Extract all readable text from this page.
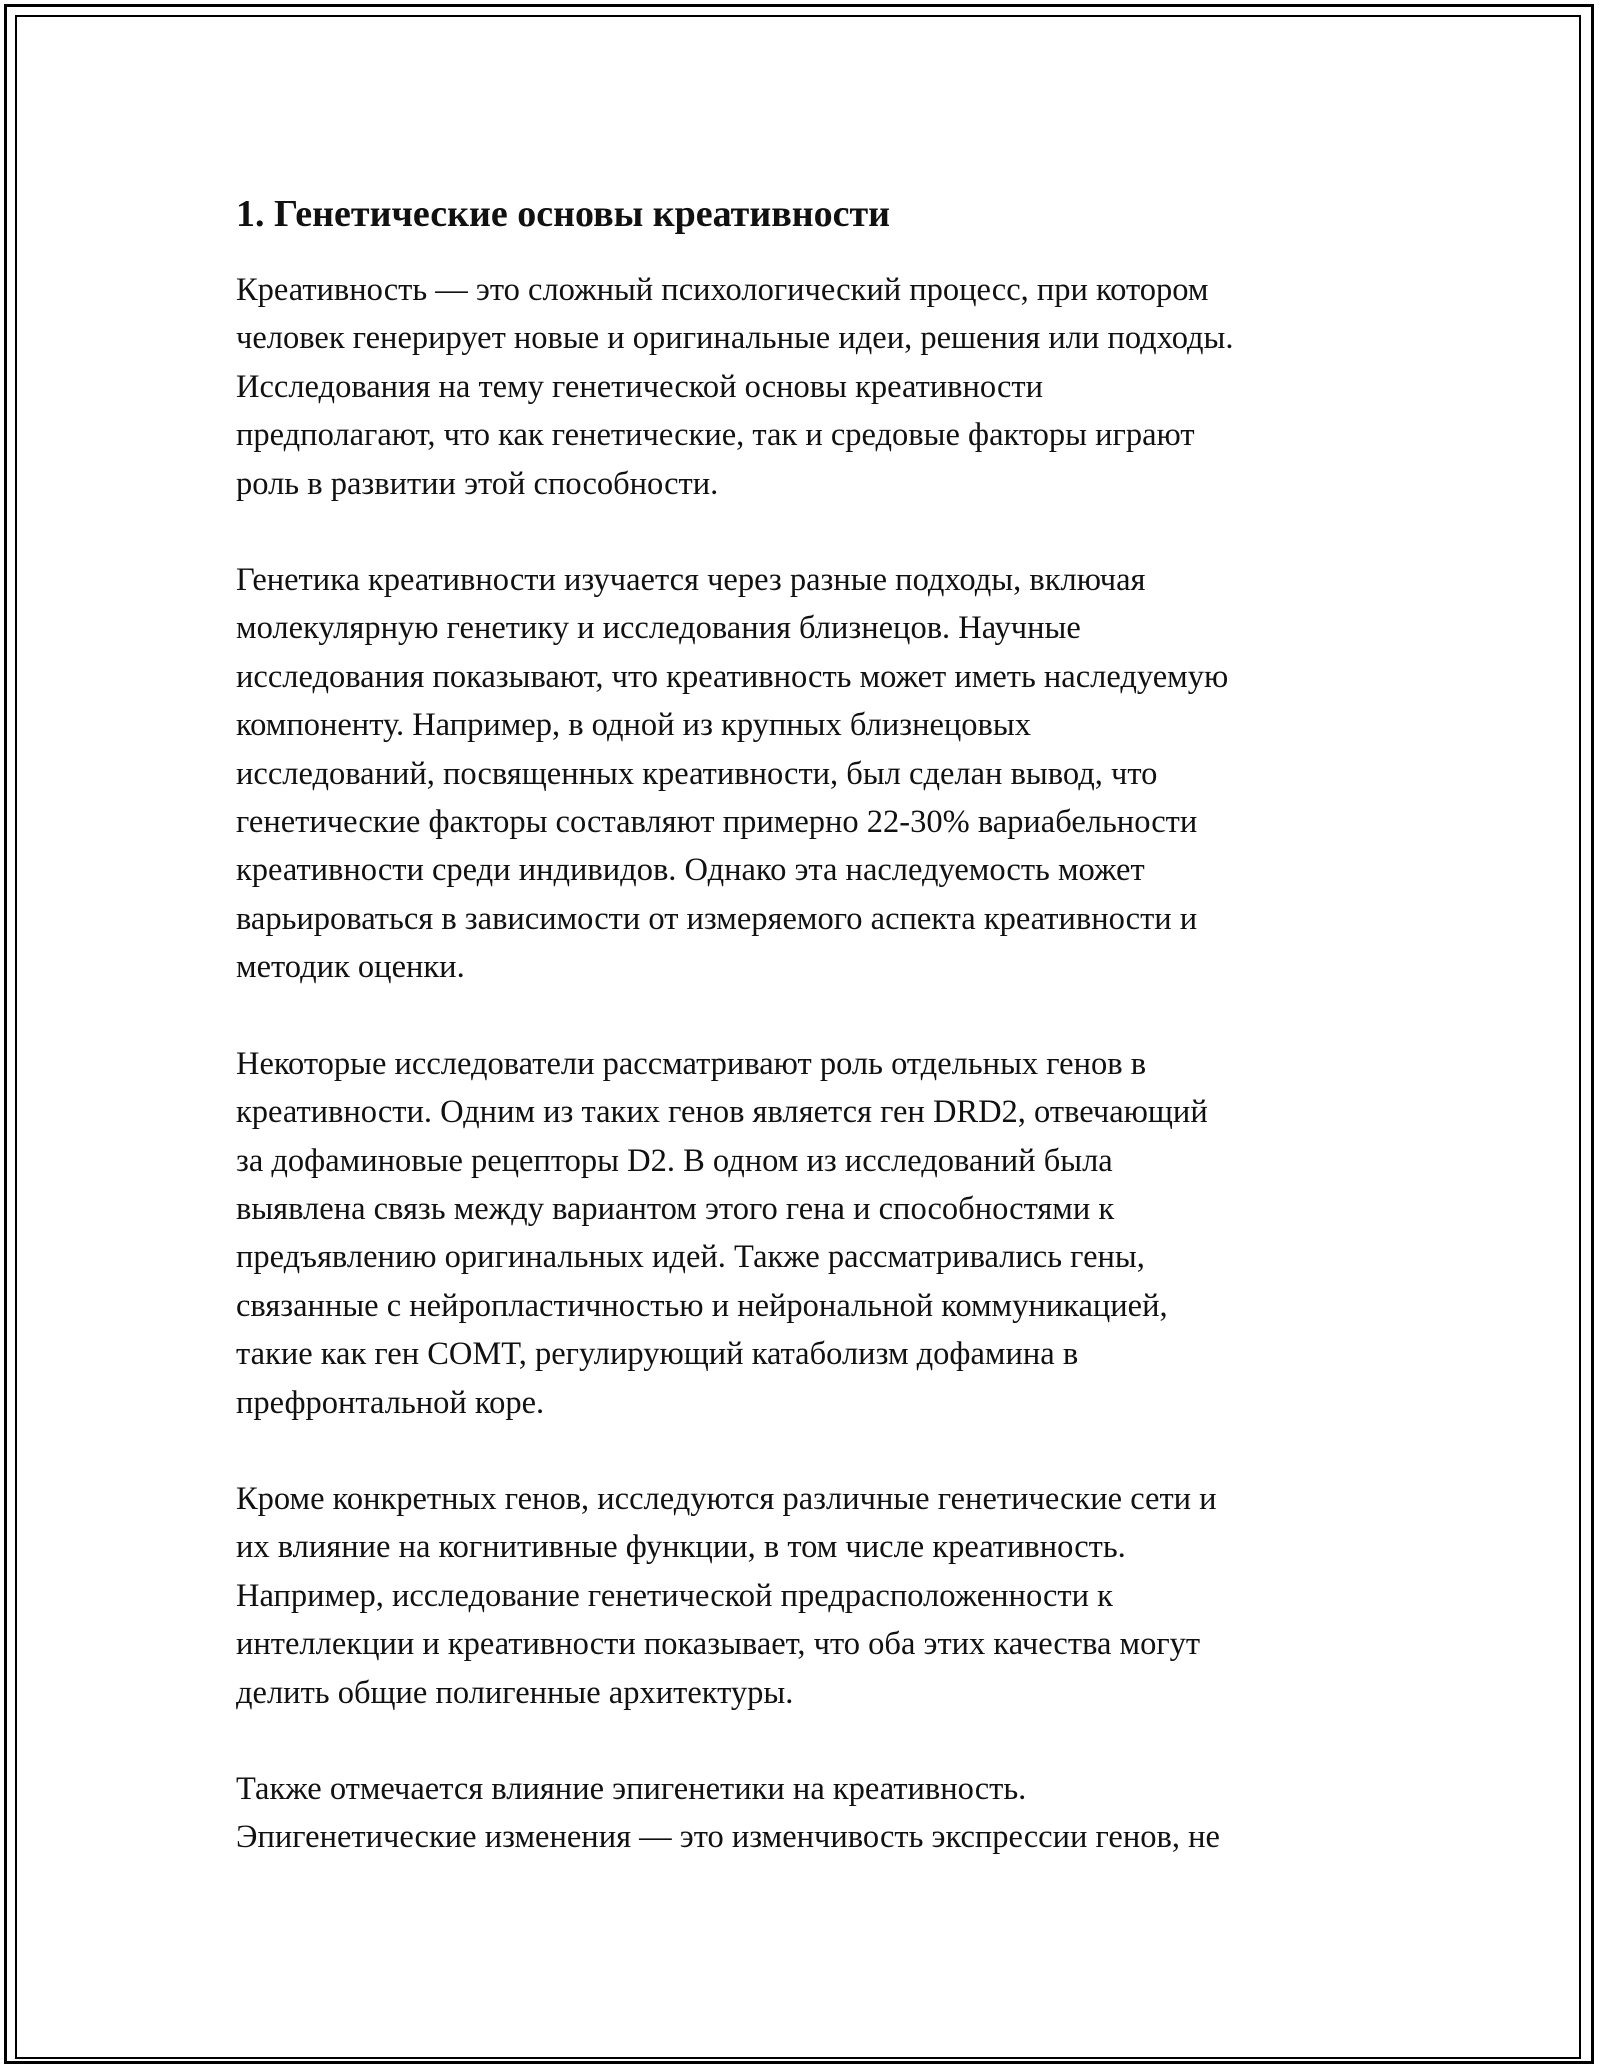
1. Генетические основы креативности

Креативность — это сложный психологический процесс, при котором
человек генерирует новые и оригинальные идеи, решения или подходы.
Исследования на тему генетической основы креативности
предполагают, что как генетические, так и средовые факторы играют
роль в развитии этой способности.

Генетика креативности изучается через разные подходы, включая
молекулярную генетику и исследования близнецов. Научные
исследования показывают, что креативность может иметь наследуемую
компоненту. Например, в одной из крупных близнецовых
исследований, посвященных креативности, был сделан вывод, что
генетические факторы составляют примерно 22-30% вариабельности
креативности среди индивидов. Однако эта наследуемость может
варьироваться в зависимости от измеряемого аспекта креативности и
методик оценки.

Некоторые исследователи рассматривают роль отдельных генов в
креативности. Одним из таких генов является ген DRD2, отвечающий
за дофаминовые рецепторы D2. В одном из исследований была
выявлена связь между вариантом этого гена и способностями к
предъявлению оригинальных идей. Также рассматривались гены,
связанные с нейропластичностью и нейрональной коммуникацией,
такие как ген COMT, регулирующий катаболизм дофамина в
префронтальной коре.

Кроме конкретных генов, исследуются различные генетические сети и
их влияние на когнитивные функции, в том числе креативность.
Например, исследование генетической предрасположенности к
интеллекции и креативности показывает, что оба этих качества могут
делить общие полигенные архитектуры.

Также отмечается влияние эпигенетики на креативность.
Эпигенетические изменения — это изменчивость экспрессии генов, не
